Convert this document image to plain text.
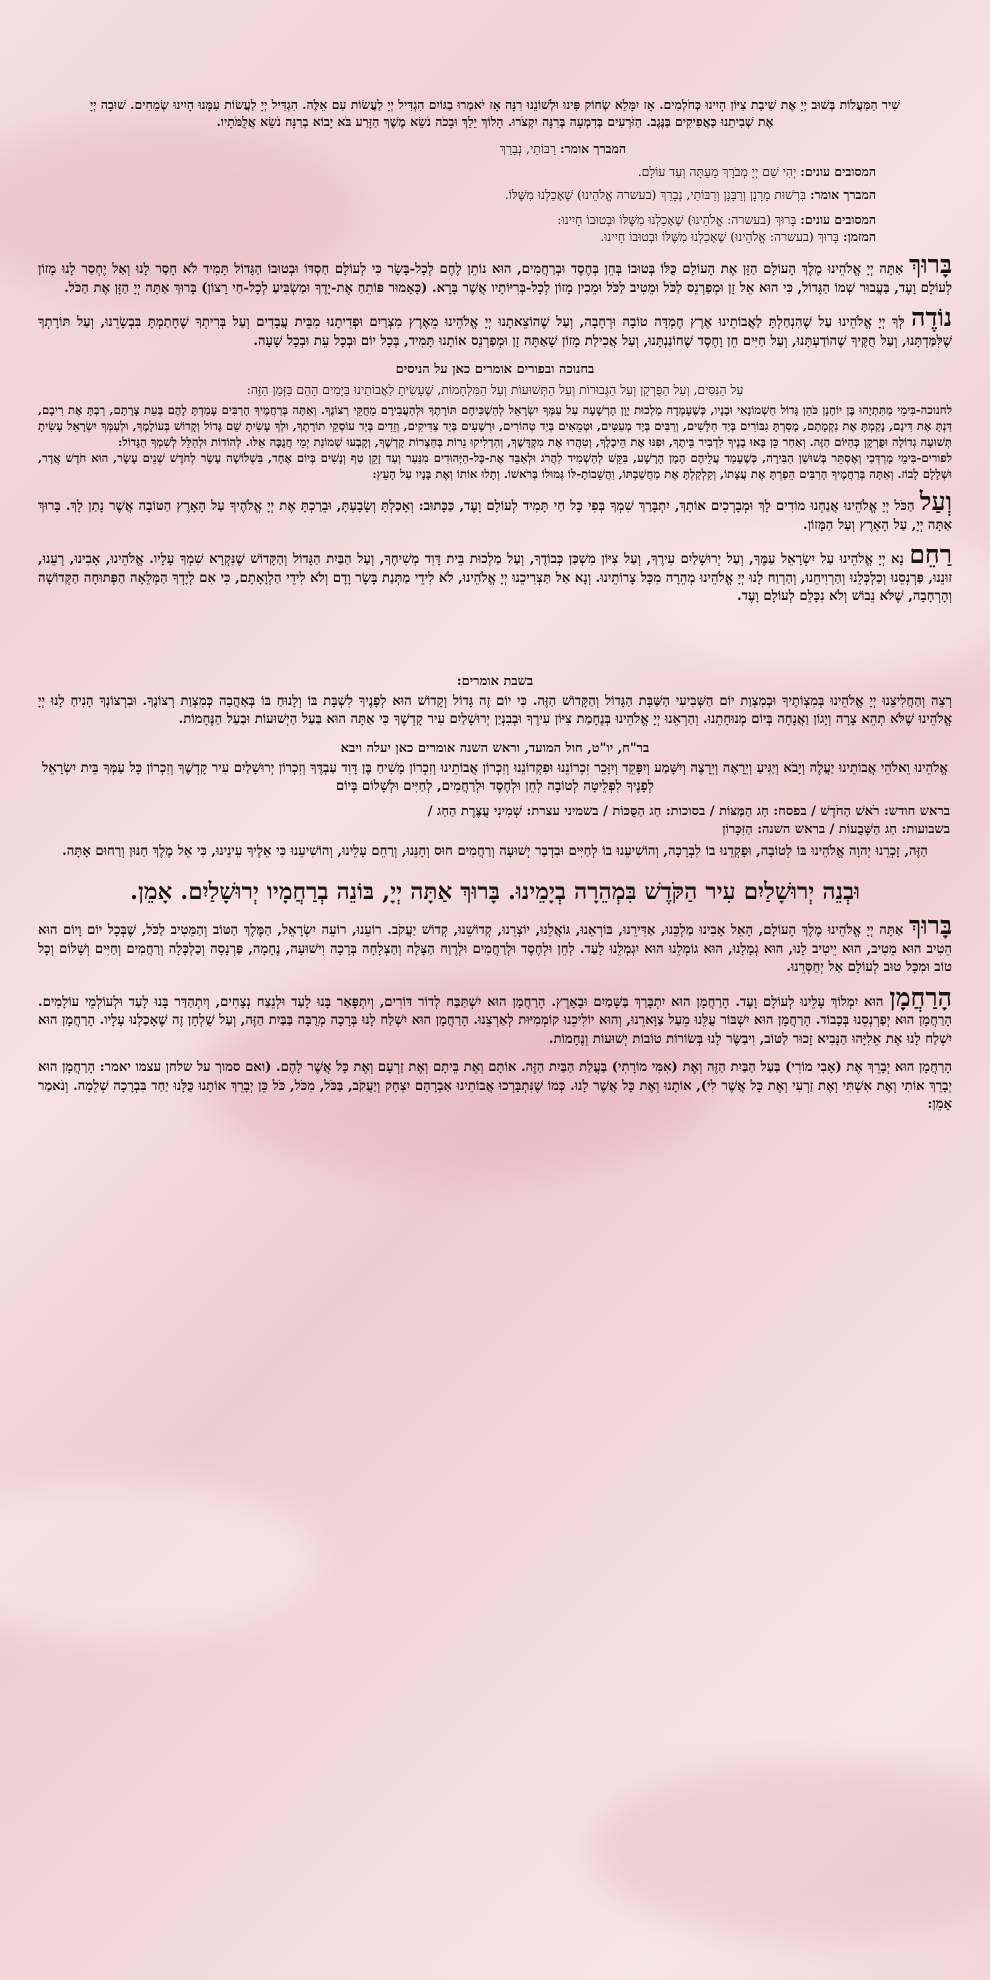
שִׁיר הַמַּעֲלוֹת בְּשׁוּב יְיָ אֶת שִׁיבַת צִיּוֹן הָיִינוּ כְּחֹלְמִים. אָז יִמָּלֵא שְׂחוֹק פִּינוּ וּלְשׁוֹנֵנוּ רִנָּה אָז יֹאמְרוּ בַגּוֹיִם הִגְדִּיל יְיָ לַעֲשׂוֹת עִם אֵלֶּה. הִגְדִּיל יְיָ לַעֲשׂוֹת עִמָּנוּ הָיִינוּ שְׂמֵחִים. שׁוּבָה יְיָ אֶת שְׁבִיתֵנוּ כַּאֲפִיקִים בַּנֶּגֶב. הַזֹּרְעִים בְּדִמְעָה בְּרִנָּה יִקְצֹרוּ. הָלוֹךְ יֵלֵךְ וּבָכֹה נֹשֵׂא מֶשֶׁךְ הַזָּרַע בֹּא יָבוֹא בְרִנָּה נֹשֵׂא אֲלֻמֹּתָיו.

המברך אומר: רַבּוֹתַי, נְבָרֵךְ

המסובים עונים: יְהִי שֵׁם יְיָ מְבֹרָךְ מֵעַתָּה וְעַד עוֹלָם.

המברך אומר: בִּרְשׁוּת מָרָנָן וְרַבָּנָן וְרַבּוֹתַי, נְבָרֵךְ (בעשרה אֱלֹהֵינוּ) שֶׁאָכַלְנוּ מִשֶּׁלּוֹ.

המסובים עונים: בָּרוּךְ (בעשרה: אֱלֹהֵינוּ) שֶׁאָכַלְנוּ מִשֶּׁלּוֹ וּבְטוּבוֹ חָיִינוּ:

המזמן: בָּרוּךְ (בעשרה: אֱלֹהֵינוּ) שֶׁאָכַלְנוּ מִשֶּׁלּוֹ וּבְטוּבוֹ חָיִינוּ.

בָּרוּךְ אַתָּה יְיָ אֱלֹהֵינוּ מֶלֶךְ הָעוֹלָם הַזָּן אֶת הָעוֹלָם כֻּלּוֹ בְּטוּבוֹ בְּחֵן בְּחֶסֶד וּבְרַחֲמִים, הוּא נוֹתֵן לֶחֶם לְכָל-בָּשָׂר כִּי לְעוֹלָם חַסְדּוֹ וּבְטוּבוֹ הַגָּדוֹל תָּמִיד לֹא חָסַר לָנוּ וְאַל יֶחְסַר לָנוּ מָזוֹן לְעוֹלָם וָעֶד, בַּעֲבוּר שְׁמוֹ הַגָּדוֹל, כִּי הוּא אֵל זָן וּמְפַרְנֵס לַכֹּל וּמֵטִיב לַכֹּל וּמֵכִין מָזוֹן לְכָל-בְּרִיּוֹתָיו אֲשֶׁר בָּרָא. (כָּאָמוּר פּוֹתֵחַ אֶת-יָדֶךָ וּמַשְׂבִּיעַ לְכָל-חַי רָצוֹן) בָּרוּךְ אַתָּה יְיָ הַזָּן אֶת הַכֹּל.

נוֹדֶה לְּךָ יְיָ אֱלֹהֵינוּ עַל שֶׁהִנְחַלְתָּ לַאֲבוֹתֵינוּ אֶרֶץ חֶמְדָּה טוֹבָה וּרְחָבָה, וְעַל שֶׁהוֹצֵאתָנוּ יְיָ אֱלֹהֵינוּ מֵאֶרֶץ מִצְרַיִם וּפְדִיתָנוּ מִבֵּית עֲבָדִים וְעַל בְּרִיתְךָ שֶׁחָתַמְתָּ בִּבְשָׂרֵנוּ, וְעַל תּוֹרָתְךָ שֶׁלִּמַּדְתָּנוּ, וְעַל חֻקֶּיךָ שֶׁהוֹדַעְתָּנוּ, וְעַל חַיִּים חֵן וָחֶסֶד שֶׁחוֹנַנְתָּנוּ, וְעַל אֲכִילַת מָזוֹן שָׁאַתָּה זָן וּמְפַרְנֵס אוֹתָנוּ תָּמִיד, בְּכָל יוֹם וּבְכָל עֵת וּבְכָל שָׁעָה.

בחנוכה ובפורים אומרים כאן על הניסים

עַל הַנִּסִּים, וְעַל הַפֻּרְקָן וְעַל הַגְּבוּרוֹת וְעַל הַתְּשׁוּעוֹת וְעַל הַמִּלְחָמוֹת, שֶׁעָשִׂיתָ לַאֲבוֹתֵינוּ בַּיָּמִים הָהֵם בַּזְּמַן הַזֶּה:

לחנוכה-בִּימֵי מַתִּתְיָהוּ בֶּן יוֹחָנָן כֹּהֵן גָּדוֹל חַשְׁמוֹנָאִי וּבָנָיו, כְּשֶׁעָמְדָה מַלְכוּת יָוָן הָרְשָׁעָה עַל עַמְּךָ יִשְׂרָאֵל לְהַשְׁכִּיחָם תּוֹרָתֶךָ וּלְהַעֲבִירָם מֵחֻקֵּי רְצוֹנֶךָ. וְאַתָּה בְּרַחֲמֶיךָ הָרַבִּים עָמַדְתָּ לָהֶם בְּעֵת צָרָתָם, רַבְתָּ אֶת רִיבָם, דַּנְתָּ אֶת דִּינָם, נָקַמְתָּ אֶת נִקְמָתָם, מָסַרְתָּ גִבּוֹרִים בְּיַד חַלָּשִׁים, וְרַבִּים בְּיַד מְעַטִּים, וּטְמֵאִים בְּיַד טְהוֹרִים, וּרְשָׁעִים בְּיַד צַדִּיקִים, וְזֵדִים בְּיַד עוֹסְקֵי תוֹרָתֶךָ, וּלְךָ עָשִׂיתָ שֵׁם גָּדוֹל וְקָדוֹשׁ בְּעוֹלָמֶךָ, וּלְעַמְּךָ יִשְׂרָאֵל עָשִׂיתָ תְּשׁוּעָה גְדוֹלָה וּפֻרְקָן כְּהַיּוֹם הַזֶּה. וְאַחַר כֵּן בָּאוּ בָנֶיךָ לִדְבִיר בֵּיתֶךָ, וּפִנּוּ אֶת הֵיכָלֶךָ, וְטִהֲרוּ אֶת מִקְדָּשֶׁךָ, וְהִדְלִיקוּ נֵרוֹת בְּחַצְרוֹת קָדְשֶׁךָ, וְקָבְעוּ שְׁמוֹנַת יְמֵי חֲנֻכָּה אֵלּוּ. לְהוֹדוֹת וּלְהַלֵּל לְשִׁמְךָ הַגָּדוֹל:

לפורים-בִּימֵי מָרְדְּכַי וְאֶסְתֵּר בְּשׁוּשַׁן הַבִּירָה, כְּשֶׁעָמַד עֲלֵיהֶם הָמָן הָרָשָׁע, בִּקֵּשׁ לְהַשְׁמִיד לַהֲרֹג וּלְאַבֵּד אֶת-כָּל-הַיְּהוּדִים מִנַּעַר וְעַד זָקֵן טַף וְנָשִׁים בְּיוֹם אֶחָד, בִּשְׁלוֹשָׁה עָשָׂר לְחֹדֶשׁ שְׁנֵים עָשָׂר, הוּא חֹדֶשׁ אֲדָר, וּשְׁלָלָם לָבוֹז. וְאַתָּה בְּרַחֲמֶיךָ הָרַבִּים הֵפַרְתָּ אֶת עֲצָתוֹ, וְקִלְקַלְתָּ אֶת מַחֲשַׁבְתּוֹ, וַהֲשֵׁבוֹתָ-לּוֹ גְּמוּלוֹ בְּרֹאשׁוֹ. וְתָלוּ אוֹתוֹ וְאֶת בָּנָיו עַל הָעֵץ:

וְעַל הַכֹּל יְיָ אֱלֹהֵינוּ אֲנַחְנוּ מוֹדִים לָךְ וּמְבָרְכִים אוֹתָךְ, יִתְבָּרַךְ שִׁמְךָ בְּפִי כָּל חַי תָּמִיד לְעוֹלָם וָעֶד, כַּכָּתוּב: וְאָכַלְתָּ וְשָׂבָעְתָּ, וּבֵרַכְתָּ אֶת יְיָ אֱלֹהֶיךָ עַל הָאָרֶץ הַטּוֹבָה אֲשֶׁר נָתַן לָךְ. בָּרוּךְ אַתָּה יְיָ, עַל הָאָרֶץ וְעַל הַמָּזוֹן.

רַחֵם נָא יְיָ אֱלֹהֵינוּ עַל יִשְׂרָאֵל עַמֶּךָ, וְעַל יְרוּשָׁלַיִם עִירֶךָ, וְעַל צִיּוֹן מִשְׁכַּן כְּבוֹדֶךָ, וְעַל מַלְכוּת בֵּית דָּוִד מְשִׁיחֶךָ, וְעַל הַבַּיִת הַגָּדוֹל וְהַקָּדוֹשׁ שֶׁנִּקְרָא שִׁמְךָ עָלָיו. אֱלֹהֵינוּ, אָבִינוּ, רְעֵנוּ, זוּנֵנוּ, פַּרְנְסֵנוּ וְכַלְכְּלֵנוּ וְהַרְוִיחֵנוּ, וְהַרְוַח לָנוּ יְיָ אֱלֹהֵינוּ מְהֵרָה מִכָּל צָרוֹתֵינוּ. וְנָא אַל תַּצְרִיכֵנוּ יְיָ אֱלֹהֵינוּ, לֹא לִידֵי מַתְּנַת בָּשָׂר וָדָם וְלֹא לִידֵי הַלְוָאָתָם, כִּי אִם לְיָדְךָ הַמְּלֵאָה הַפְּתוּחָה הַקְּדוֹשָׁה וְהָרְחָבָה, שֶׁלֹּא נֵבוֹשׁ וְלֹא נִכָּלֵם לְעוֹלָם וָעֶד.

בשבת אומרים:

רְצֵה וְהַחֲלִיצֵנוּ יְיָ אֱלֹהֵינוּ בְּמִצְוֹתֶיךָ וּבְמִצְוַת יוֹם הַשְּׁבִיעִי הַשַּׁבָּת הַגָּדוֹל וְהַקָּדוֹשׁ הַזֶּה. כִּי יוֹם זֶה גָּדוֹל וְקָדוֹשׁ הוּא לְפָנֶיךָ לִשְׁבָּת בּוֹ וְלָנוּחַ בּוֹ בְּאַהֲבָה כְּמִצְוַת רְצוֹנֶךָ. וּבִרְצוֹנְךָ הָנִיחַ לָנוּ יְיָ אֱלֹהֵינוּ שֶׁלֹּא תְהֵא צָרָה וְיָגוֹן וַאֲנָחָה בְּיוֹם מְנוּחָתֵנוּ. וְהַרְאֵנוּ יְיָ אֱלֹהֵינוּ בְּנֶחָמַת צִיּוֹן עִירֶךָ וּבְבִנְיַן יְרוּשָׁלַיִם עִיר קָדְשֶׁךָ כִּי אַתָּה הוּא בַּעַל הַיְשׁוּעוֹת וּבַעַל הַנֶּחָמוֹת.

בר"ח, יו"ט, חול המועד, וראש השנה אומרים כאן יעלה ויבא

אֱלֹהֵינוּ וֵאלֹהֵי אֲבוֹתֵינוּ יַעֲלֶה וְיָבֹא וְיַגִּיעַ וְיֵרָאֶה וְיֵרָצֶה וְיִשָּׁמַע וְיִפָּקֵד וְיִזָּכֵר זִכְרוֹנֵנוּ וּפִקְדוֹנֵנוּ וְזִכְרוֹן אֲבוֹתֵינוּ וְזִכְרוֹן מָשִׁיחַ בֶּן דָּוִד עַבְדֶּךָ וְזִכְרוֹן יְרוּשָׁלַיִם עִיר קָדְשֶׁךָ וְזִכְרוֹן כָּל עַמְּךָ בֵּית יִשְׂרָאֵל לְפָנֶיךָ לִפְלֵיטָה לְטוֹבָה לְחֵן וּלְחֶסֶד וּלְרַחֲמִים, לְחַיִּים וּלְשָׁלוֹם בְּיוֹם

בראש חודש: רֹאשׁ הַחֹדֶשׁ / בפסח: חַג הַמַּצּוֹת / בסוכות: חַג הַסֻּכּוֹת / בשמיני עצרת: שְׁמִינִי עֲצֶרֶת הַחַג /

בשבועות: חַג הַשָּׁבֻעוֹת / בראש השנה: הַזִּכָּרוֹן

הַזֶּה, זָכְרֵנוּ יְהוָה אֱלֹהֵינוּ בּוֹ לְטוֹבָה, וּפָקְדֵנוּ בוֹ לִבְרָכָה, וְהוֹשִׁיעֵנוּ בוֹ לְחַיִּים וּבִדְבַר יְשׁוּעָה וְרַחֲמִים חוּס וְחָנֵּנוּ, וְרַחֵם עָלֵינוּ, וְהוֹשִׁיעֵנוּ כִּי אֵלֶיךָ עֵינֵינוּ, כִּי אֵל מֶלֶךְ חַנּוּן וְרַחוּם אָתָּה.

וּבְנֵה יְרוּשָׁלַיִם עִיר הַקֹּדֶשׁ בִּמְהֵרָה בְיָמֵינוּ. בָּרוּךְ אַתָּה יְיָ, בּוֹנֵה בְרַחֲמָיו יְרוּשָׁלַיִם. אָמֵן.

בָּרוּךְ אַתָּה יְיָ אֱלֹהֵינוּ מֶלֶךְ הָעוֹלָם, הָאֵל אָבִינוּ מַלְכֵּנוּ, אַדִּירֵנוּ, בּוֹרְאֵנוּ, גּוֹאֲלֵנוּ, יוֹצְרֵנוּ, קְדוֹשֵׁנוּ, קְדוֹשׁ יַעֲקֹב. רוֹעֵנוּ, רוֹעֵה יִשְׂרָאֵל, הַמֶּלֶךְ הַטּוֹב וְהַמֵּטִיב לַכֹּל, שֶׁבְּכָל יוֹם וָיוֹם הוּא הֵטִיב הוּא מֵטִיב, הוּא יֵיטִיב לָנוּ, הוּא גְמָלָנוּ, הוּא גוֹמְלֵנוּ הוּא יִגְמְלֵנוּ לָעַד. לְחֵן וּלְחֶסֶד וּלְרַחֲמִים וּלְרֶוַח הַצָּלָה וְהַצְלָחָה בְּרָכָה וִישׁוּעָה, נֶחָמָה, פַּרְנָסָה וְכַלְכָּלָה וְרַחֲמִים וְחַיִּים וְשָׁלוֹם וְכָל טוֹב וּמִכָּל טוּב לְעוֹלָם אַל יְחַסְּרֵנוּ.

הָרַחֲמָן הוּא יִמְלוֹךְ עָלֵינוּ לְעוֹלָם וָעֶד. הָרַחֲמָן הוּא יִתְבָּרַךְ בַּשָּׁמַיִם וּבָאָרֶץ. הָרַחֲמָן הוּא יִשְׁתַּבַּח לְדוֹר דּוֹרִים, וְיִתְפָּאַר בָּנוּ לָעַד וּלְנֵצַח נְצָחִים, וְיִתְהַדַּר בָּנוּ לָעַד וּלְעוֹלְמֵי עוֹלָמִים. הָרַחֲמָן הוּא יְפַרְנְסֵנוּ בְּכָבוֹד. הָרַחֲמָן הוּא יִשְׁבּוֹר עֻלֵּנוּ מֵעַל צַוָּארֵנוּ, וְהוּא יוֹלִיכֵנוּ קוֹמְמִיּוּת לְאַרְצֵנוּ. הָרַחֲמָן הוּא יִשְׁלַח לָנוּ בְּרָכָה מְרֻבָּה בַּבַּיִת הַזֶּה, וְעַל שֻׁלְחָן זֶה שֶׁאָכַלְנוּ עָלָיו. הָרַחֲמָן הוּא יִשְׁלַח לָנוּ אֶת אֵלִיָּהוּ הַנָּבִיא זָכוּר לַטּוֹב, וִיבַשֶּׂר לָנוּ בְּשׂוֹרוֹת טוֹבוֹת יְשׁוּעוֹת וְנֶחָמוֹת.

הָרַחֲמָן הוּא יְבָרֵךְ אֶת (אָבִי מוֹרִי) בַּעַל הַבַּיִת הַזֶּה וְאֶת (אִמִּי מוֹרָתִי) בַּעֲלַת הַבַּיִת הַזֶּה. אוֹתָם וְאֶת בֵּיתָם וְאֶת זַרְעָם וְאֶת כָּל אֲשֶׁר לָהֶם. (ואם סמוך על שלחן עצמו יאמר: הָרַחֲמָן הוּא יְבָרֵךְ אוֹתִי וְאֶת אִשְׁתִּי וְאֶת זַרְעִי וְאֶת כָּל אֲשֶׁר לִי), אוֹתָנוּ וְאֶת כָּל אֲשֶׁר לָנוּ. כְּמוֹ שֶׁנִּתְבָּרְכוּ אֲבוֹתֵינוּ אַבְרָהָם יִצְחָק וְיַעֲקֹב, בַּכֹּל, מִכֹּל, כֹּל כֵּן יְבָרֵךְ אוֹתָנוּ כֻּלָּנוּ יַחַד בִּבְרָכָה שְׁלֵמָה. וְנֹאמַר אָמֵן:
